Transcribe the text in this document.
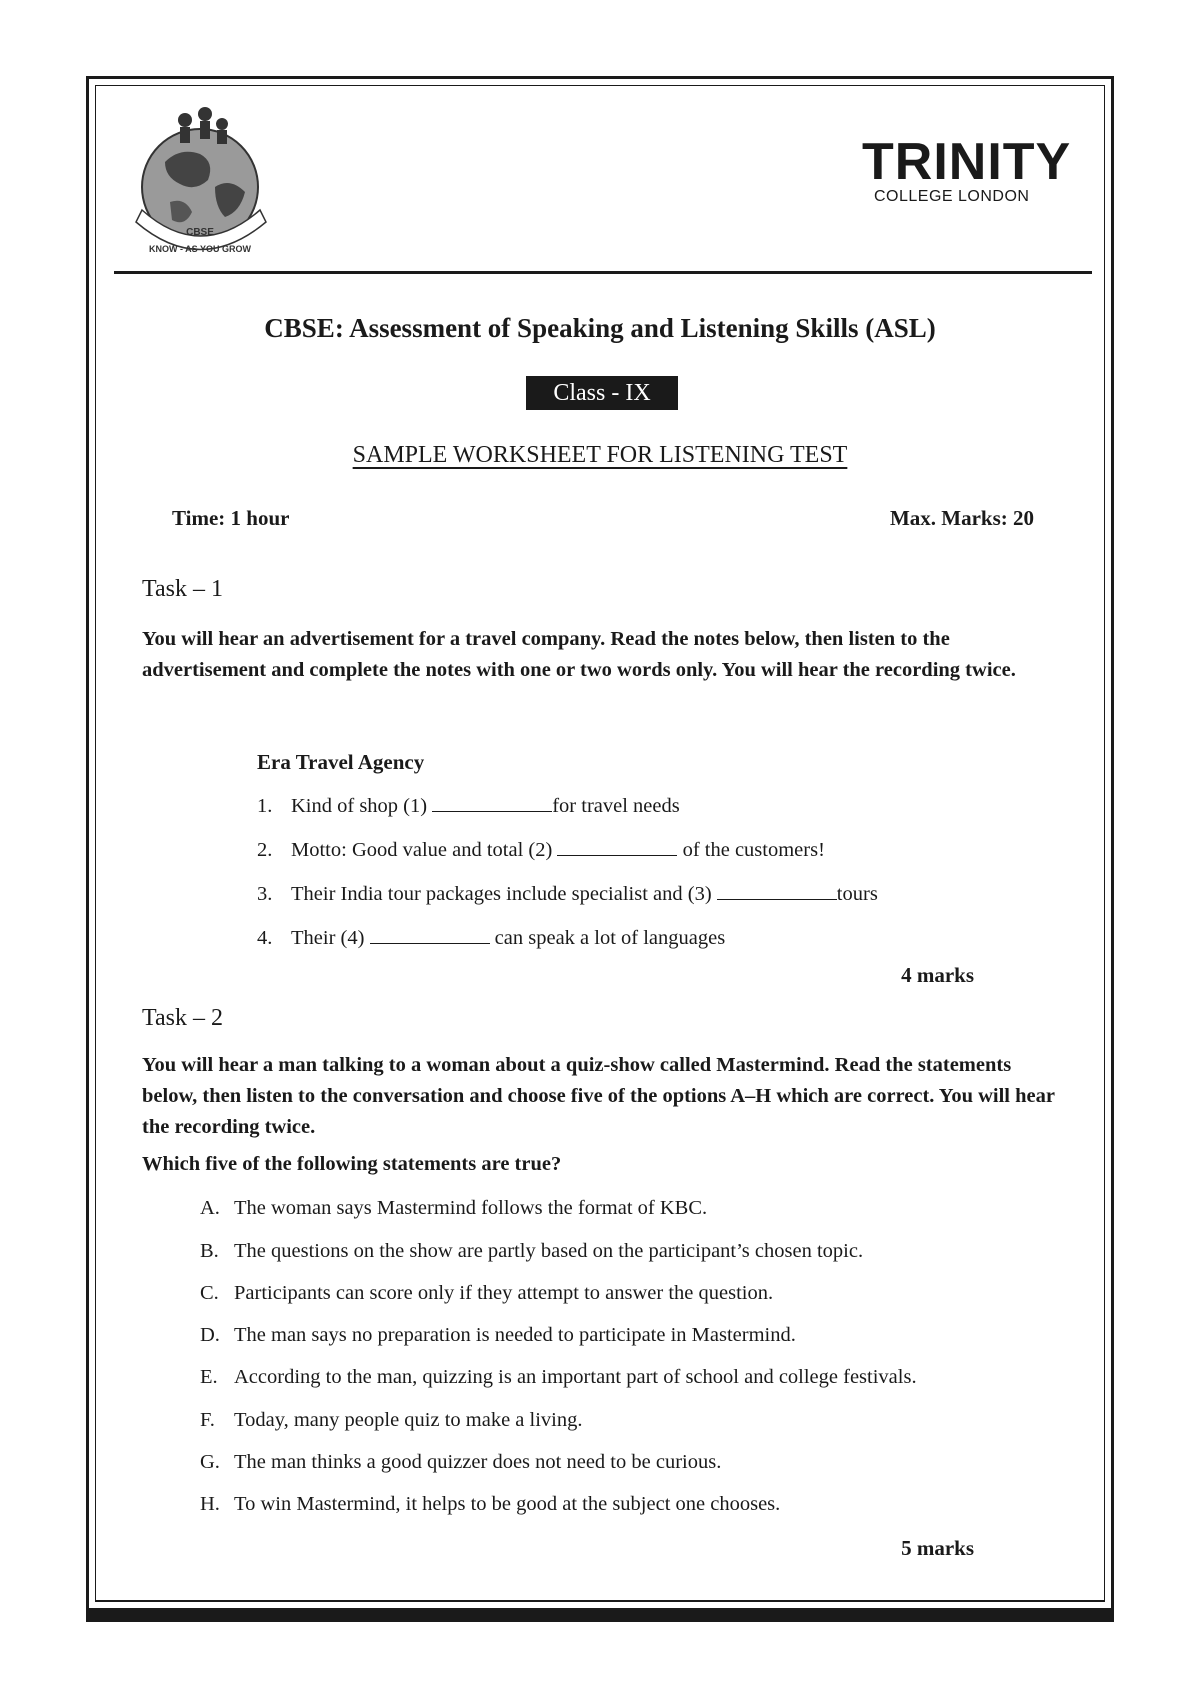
KNOW - AS YOU GROW
CBSE
TRINITY
COLLEGE LONDON
CBSE: Assessment of Speaking and Listening Skills (ASL)
Class - IX
SAMPLE WORKSHEET FOR LISTENING TEST
Time: 1 hour	Max. Marks: 20
Task – 1
You will hear an advertisement for a travel company. Read the notes below, then listen to the advertisement and complete the notes with one or two words only. You will hear the recording twice.
Era Travel Agency
1. Kind of shop (1)	for travel needs
2. Motto: Good value and total (2)	of the customers!
3. Their India tour packages include specialist and (3)	tours
4. Their (4)	can speak a lot of languages
4 marks
Task – 2
You will hear a man talking to a woman about a quiz-show called Mastermind. Read the statements below, then listen to the conversation and choose five of the options A–H which are correct. You will hear the recording twice.
Which five of the following statements are true?
A. The woman says Mastermind follows the format of KBC.
B. The questions on the show are partly based on the participant’s chosen topic.
C. Participants can score only if they attempt to answer the question.
D. The man says no preparation is needed to participate in Mastermind.
E. According to the man, quizzing is an important part of school and college festivals.
F. Today, many people quiz to make a living.
G. The man thinks a good quizzer does not need to be curious.
H. To win Mastermind, it helps to be good at the subject one chooses.
5 marks
